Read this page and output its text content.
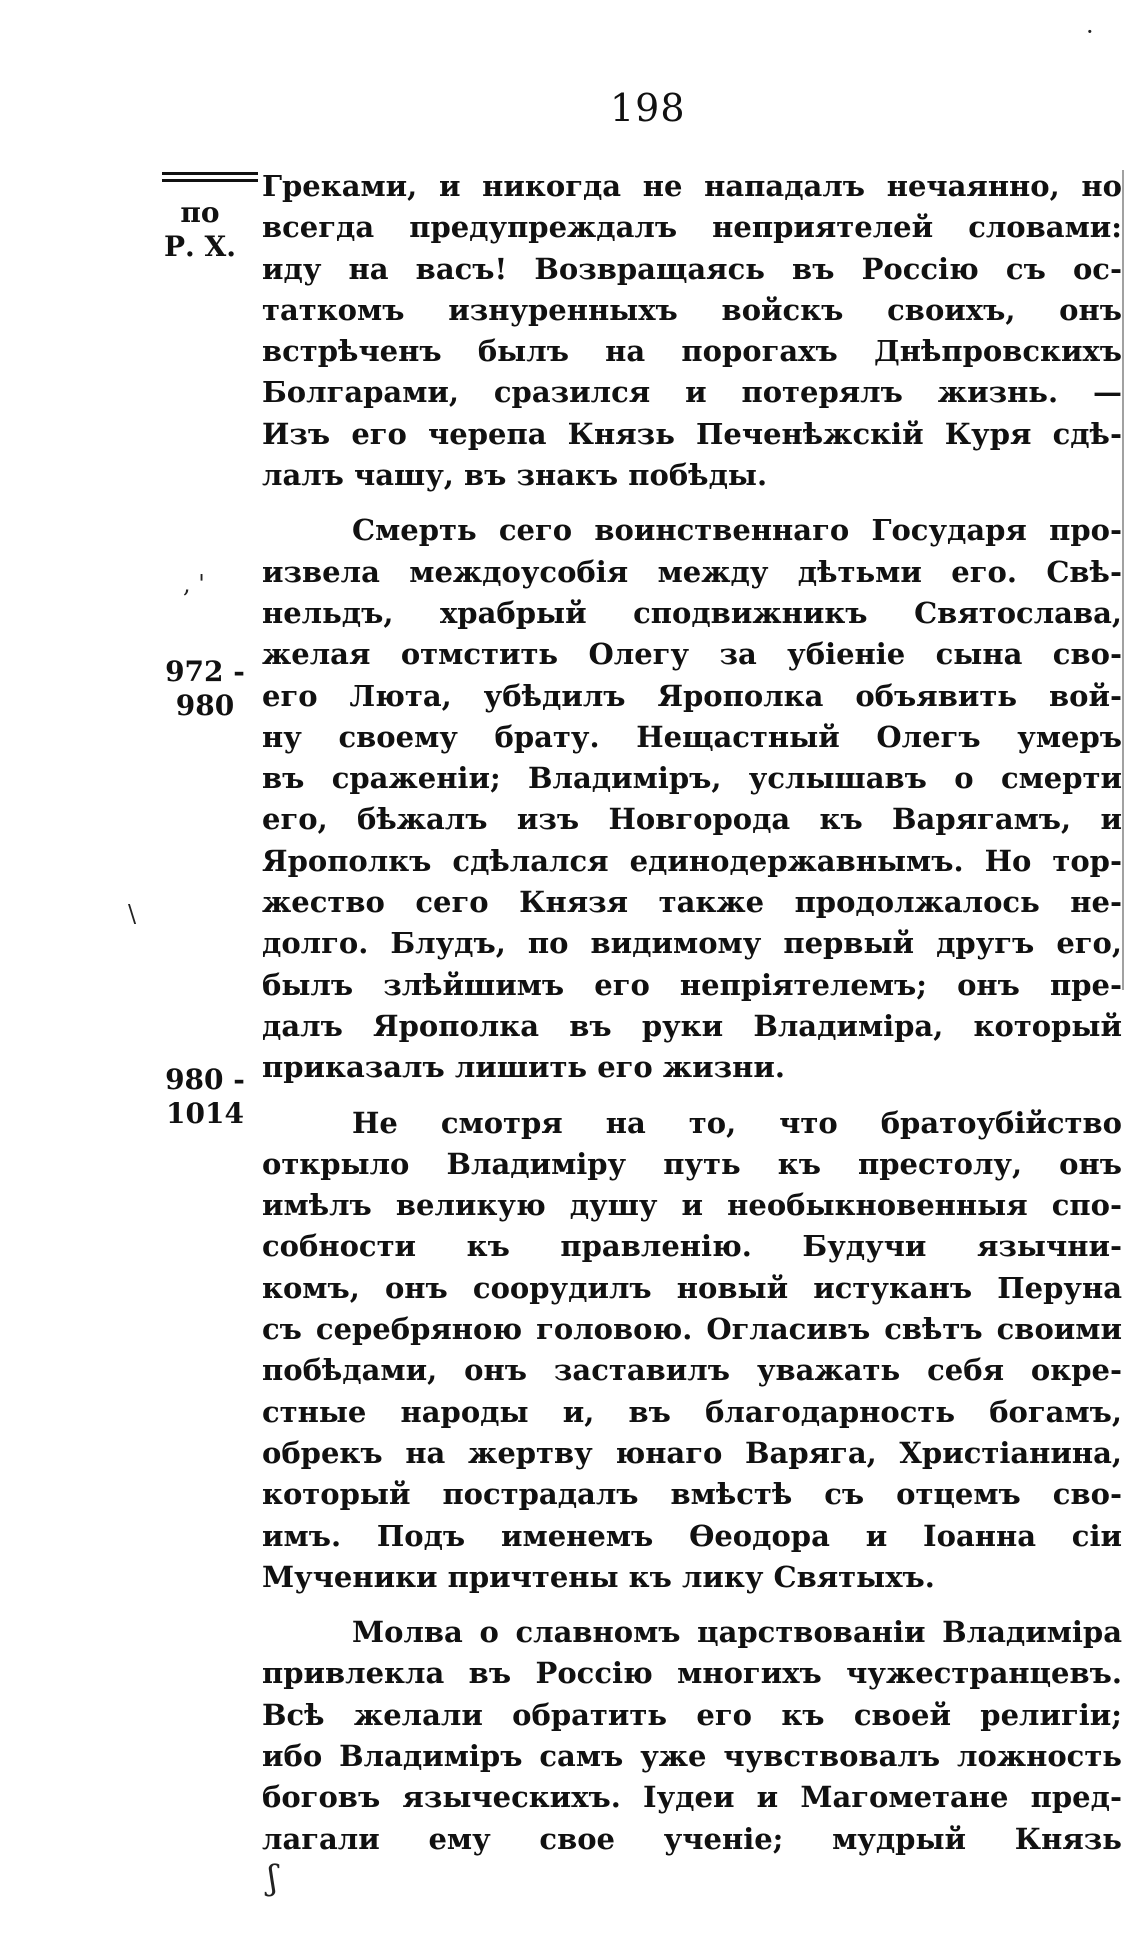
198
по
Р. Х.
972 -
980
980 -
1014
, '
\
ʃ
·
Греками, и никогда не нападалъ нечаянно, но
всегда предупреждалъ неприятелей словами:
иду на васъ! Возвращаясь въ Россію съ ос-
таткомъ изнуренныхъ войскъ своихъ, онъ
встрѣченъ былъ на порогахъ Днѣпровскихъ
Болгарами, сразился и потерялъ жизнь. —
Изъ его черепа Князь Печенѣжскій Куря сдѣ-
лалъ чашу, въ знакъ побѣды.
Смерть сего воинственнаго Государя про-
извела междоусобія между дѣтьми его. Свѣ-
нельдъ, храбрый сподвижникъ Святослава,
желая отмстить Олегу за убіеніе сына сво-
его Люта, убѣдилъ Ярополка объявить вой-
ну своему брату. Нещастный Олегъ умеръ
въ сраженіи; Владиміръ, услышавъ о смерти
его, бѣжалъ изъ Новгорода къ Варягамъ, и
Ярополкъ сдѣлался единодержавнымъ. Но тор-
жество сего Князя также продолжалось не-
долго. Блудъ, по видимому первый другъ его,
былъ злѣйшимъ его непріятелемъ; онъ пре-
далъ Ярополка въ руки Владиміра, который
приказалъ лишить его жизни.
Не смотря на то, что братоубійство
открыло Владиміру путь къ престолу, онъ
имѣлъ великую душу и необыкновенныя спо-
собности къ правленію. Будучи язычни-
комъ, онъ соорудилъ новый истуканъ Перуна
съ серебряною головою. Огласивъ свѣтъ своими
побѣдами, онъ заставилъ уважать себя окре-
стные народы и, въ благодарность богамъ,
обрекъ на жертву юнаго Варяга, Христіанина,
который пострадалъ вмѣстѣ съ отцемъ сво-
имъ. Подъ именемъ Ѳеодора и Іоанна сіи
Мученики причтены къ лику Святыхъ.
Молва о славномъ царствованіи Владиміра
привлекла въ Россію многихъ чужестранцевъ.
Всѣ желали обратить его къ своей религіи;
ибо Владиміръ самъ уже чувствовалъ ложность
боговъ языческихъ. Іудеи и Магометане пред-
лагали ему свое ученіе; мудрый Князь
